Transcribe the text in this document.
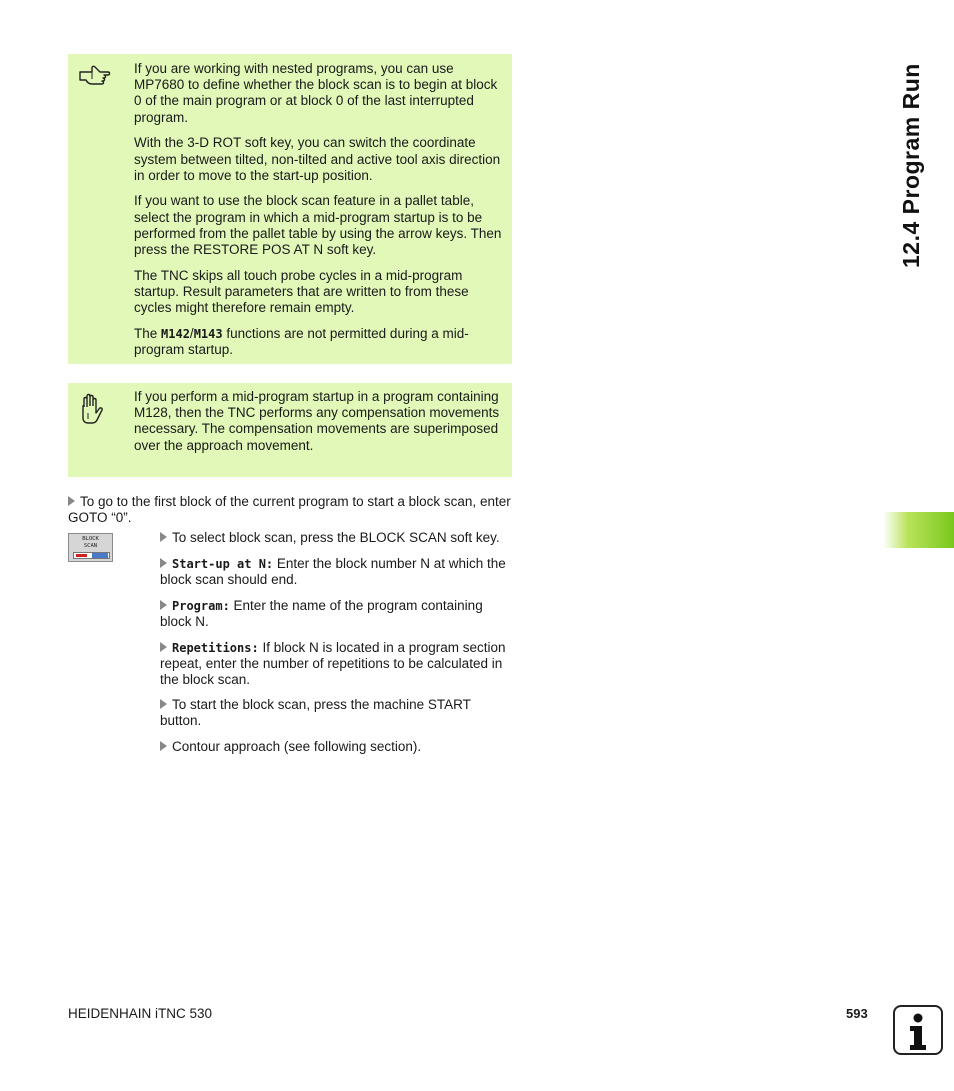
12.4 Program Run

If you are working with nested programs, you can use MP7680 to define whether the block scan is to begin at block 0 of the main program or at block 0 of the last interrupted program.

With the 3-D ROT soft key, you can switch the coordinate system between tilted, non-tilted and active tool axis direction in order to move to the start-up position.

If you want to use the block scan feature in a pallet table, select the program in which a mid-program startup is to be performed from the pallet table by using the arrow keys. Then press the RESTORE POS AT N soft key.

The TNC skips all touch probe cycles in a mid-program startup. Result parameters that are written to from these cycles might therefore remain empty.

The M142/M143 functions are not permitted during a mid-program startup.

If you perform a mid-program startup in a program containing M128, then the TNC performs any compensation movements necessary. The compensation movements are superimposed over the approach movement.

To go to the first block of the current program to start a block scan, enter GOTO “0”.
BLOCK
SCAN
To select block scan, press the BLOCK SCAN soft key.
Start-up at N: Enter the block number N at which the block scan should end.
Program: Enter the name of the program containing block N.
Repetitions: If block N is located in a program section repeat, enter the number of repetitions to be calculated in the block scan.
To start the block scan, press the machine START button.
Contour approach (see following section).
HEIDENHAIN iTNC 530	593
